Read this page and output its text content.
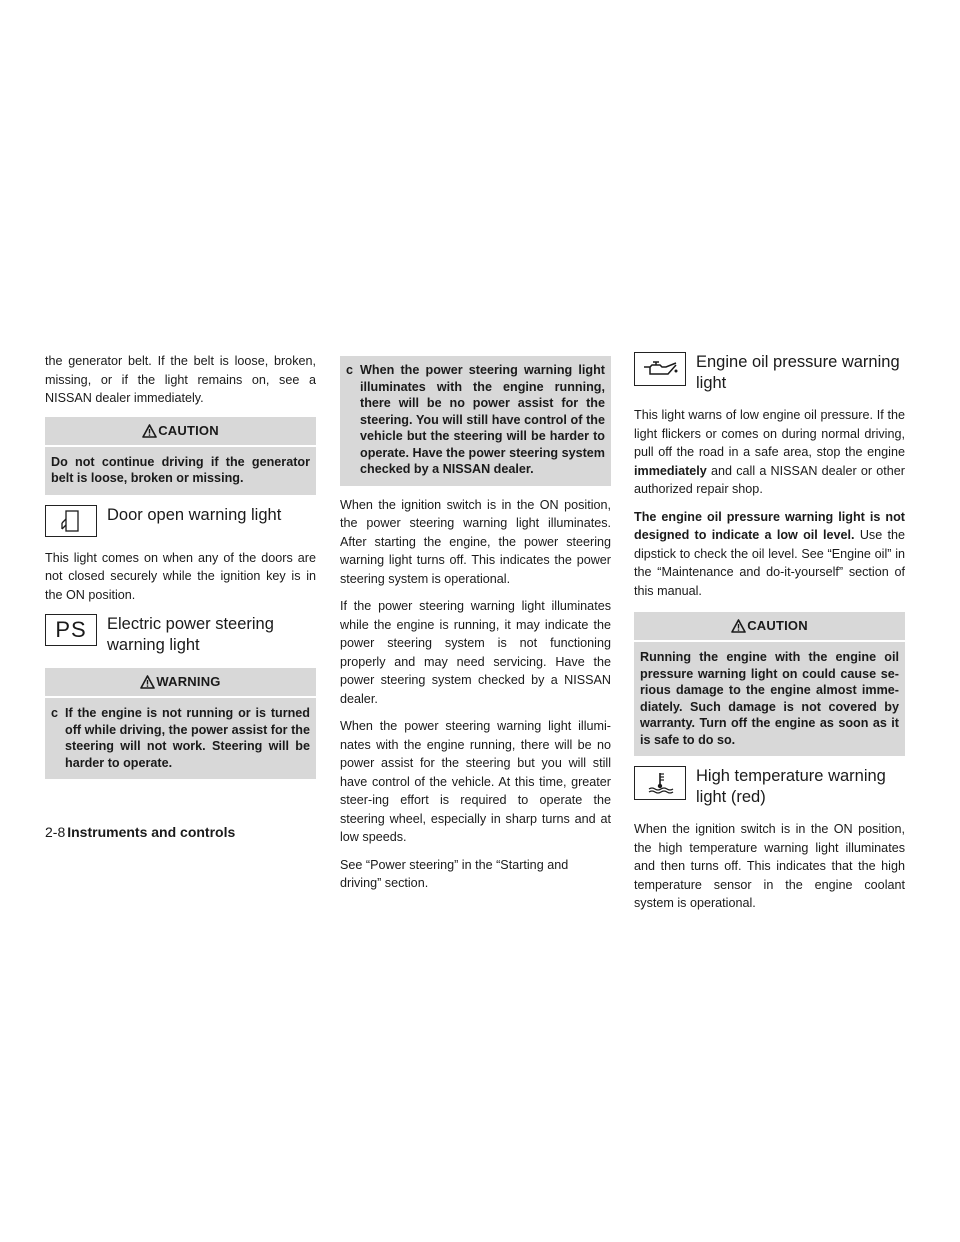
the generator belt. If the belt is loose, broken, missing, or if the light remains on, see a NISSAN dealer immediately.

CAUTION
Do not continue driving if the generator belt is loose, broken or missing.
Door open warning light

This light comes on when any of the doors are not closed securely while the ignition key is in the ON position.

PS Electric power steering
warning light
WARNING
c If the engine is not running or is turned off while driving, the power assist for the steering will not work. Steering will be harder to operate.
c When the power steering warning light illuminates with the engine running, there will be no power assist for the steering. You will still have control of the vehicle but the steering will be harder to operate. Have the power steering system checked by a NISSAN dealer.

When the ignition switch is in the ON position, the power steering warning light illuminates. After starting the engine, the power steering warning light turns off. This indicates the power steering system is operational.

If the power steering warning light illuminates while the engine is running, it may indicate the power steering system is not functioning properly and may need servicing. Have the power steering system checked by a NISSAN dealer.

When the power steering warning light illumi-nates with the engine running, there will be no power assist for the steering but you will still have control of the vehicle. At this time, greater steer-ing effort is required to operate the steering wheel, especially in sharp turns and at low speeds.

See “Power steering” in the “Starting and driving” section.

Engine oil pressure warning
light

This light warns of low engine oil pressure. If the light flickers or comes on during normal driving, pull off the road in a safe area, stop the engine immediately and call a NISSAN dealer or other authorized repair shop.

The engine oil pressure warning light is not designed to indicate a low oil level. Use the dipstick to check the oil level. See “Engine oil” in the “Maintenance and do-it-yourself” section of this manual.

CAUTION
Running the engine with the engine oil pressure warning light on could cause se-rious damage to the engine almost imme-diately. Such damage is not covered by warranty. Turn off the engine as soon as it is safe to do so.
High temperature warning
light (red)

When the ignition switch is in the ON position, the high temperature warning light illuminates and then turns off. This indicates that the high temperature sensor in the engine coolant system is operational.

2-8 Instruments and controls
